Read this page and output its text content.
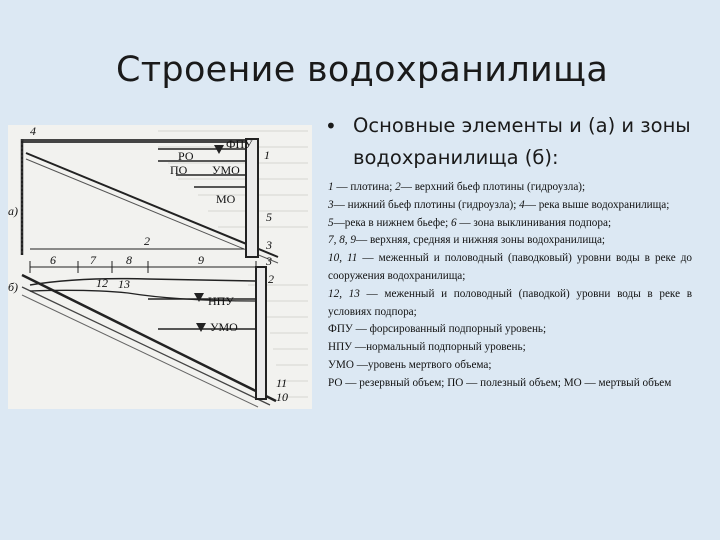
Строение водохранилища
ФПУ
РО
ПО УМО
МО
4
1
5
а)
2	3
6	7	8	9	3
б)	12 13	2
НПУ
УМО
11
10
• Основные элементы и (а) и зоны водохранилища (б):

1 — плотина; 2— верхний бьеф плотины (гидроузла);

3— нижний бьеф плотины (гидроузла); 4— река выше водохранилища;

5—река в нижнем бьефе; 6 — зона выклинивания подпора;

7, 8, 9— верхняя, средняя и нижняя зоны водохранилища;

10, 11 — меженный и половодный (паводковый) уровни воды в реке до сооружения водохранилища;

12, 13 — меженный и половодный (паводкой) уровни воды в реке в условиях подпора;

ФПУ — форсированный подпорный уровень;

НПУ —нормальный подпорный уровень;

УМО —уровень мертвого объема;

РО — резервный объем; ПО — полезный объем; МО — мертвый объем
